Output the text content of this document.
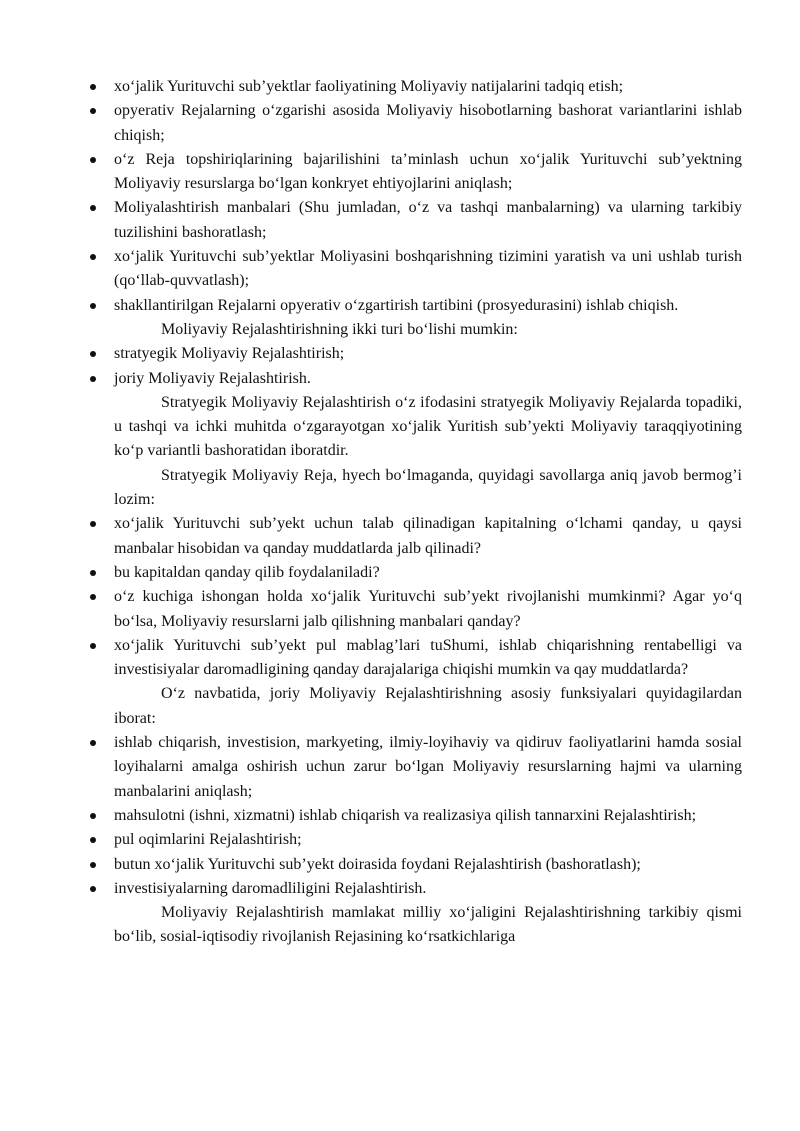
xoʻjalik Yurituvchi sub’yektlar faoliyatining Moliyaviy natijalarini tadqiq etish;
opyerativ Rejalarning oʻzgarishi asosida Moliyaviy hisobotlarning bashorat variantlarini ishlab chiqish;
oʻz Reja topshiriqlarining bajarilishini ta’minlash uchun xoʻjalik Yurituvchi sub’yektning Moliyaviy resurslarga boʻlgan konkryet ehtiyojlarini aniqlash;
Moliyalashtirish manbalari (Shu jumladan, oʻz va tashqi manbalarning) va ularning tarkibiy tuzilishini bashoratlash;
xoʻjalik Yurituvchi sub’yektlar Moliyasini boshqarishning tizimini yaratish va uni ushlab turish (qoʻllab-quvvatlash);
shakllantirilgan Rejalarni opyerativ oʻzgartirish tartibini (prosyedurasini) ishlab chiqish.

Moliyaviy Rejalashtirishning ikki turi boʻlishi mumkin:

stratyegik Moliyaviy Rejalashtirish;
joriy Moliyaviy Rejalashtirish.

Stratyegik Moliyaviy Rejalashtirish oʻz ifodasini stratyegik Moliyaviy Rejalarda topadiki, u tashqi va ichki muhitda oʻzgarayotgan xoʻjalik Yuritish sub’yekti Moliyaviy taraqqiyotining koʻp variantli bashoratidan iboratdir.

Stratyegik Moliyaviy Reja, hyech boʻlmaganda, quyidagi savollarga aniq javob bermog’i lozim:

xoʻjalik Yurituvchi sub’yekt uchun talab qilinadigan kapitalning oʻlchami qanday, u qaysi manbalar hisobidan va qanday muddatlarda jalb qilinadi?
bu kapitaldan qanday qilib foydalaniladi?
oʻz kuchiga ishongan holda xoʻjalik Yurituvchi sub’yekt rivojlanishi mumkinmi? Agar yoʻq boʻlsa, Moliyaviy resurslarni jalb qilishning manbalari qanday?
xoʻjalik Yurituvchi sub’yekt pul mablag’lari tuShumi, ishlab chiqarishning rentabelligi va investisiyalar daromadligining qanday darajalariga chiqishi mumkin va qay muddatlarda?

Oʻz navbatida, joriy Moliyaviy Rejalashtirishning asosiy funksiyalari quyidagilardan iborat:

ishlab chiqarish, investision, markyeting, ilmiy-loyihaviy va qidiruv faoliyatlarini hamda sosial loyihalarni amalga oshirish uchun zarur boʻlgan Moliyaviy resurslarning hajmi va ularning manbalarini aniqlash;
mahsulotni (ishni, xizmatni) ishlab chiqarish va realizasiya qilish tannarxini Rejalashtirish;
pul oqimlarini Rejalashtirish;
butun xoʻjalik Yurituvchi sub’yekt doirasida foydani Rejalashtirish (bashoratlash);
investisiyalarning daromadliligini Rejalashtirish.

Moliyaviy Rejalashtirish mamlakat milliy xoʻjaligini Rejalashtirishning tarkibiy qismi boʻlib, sosial-iqtisodiy rivojlanish Rejasining koʻrsatkichlariga
